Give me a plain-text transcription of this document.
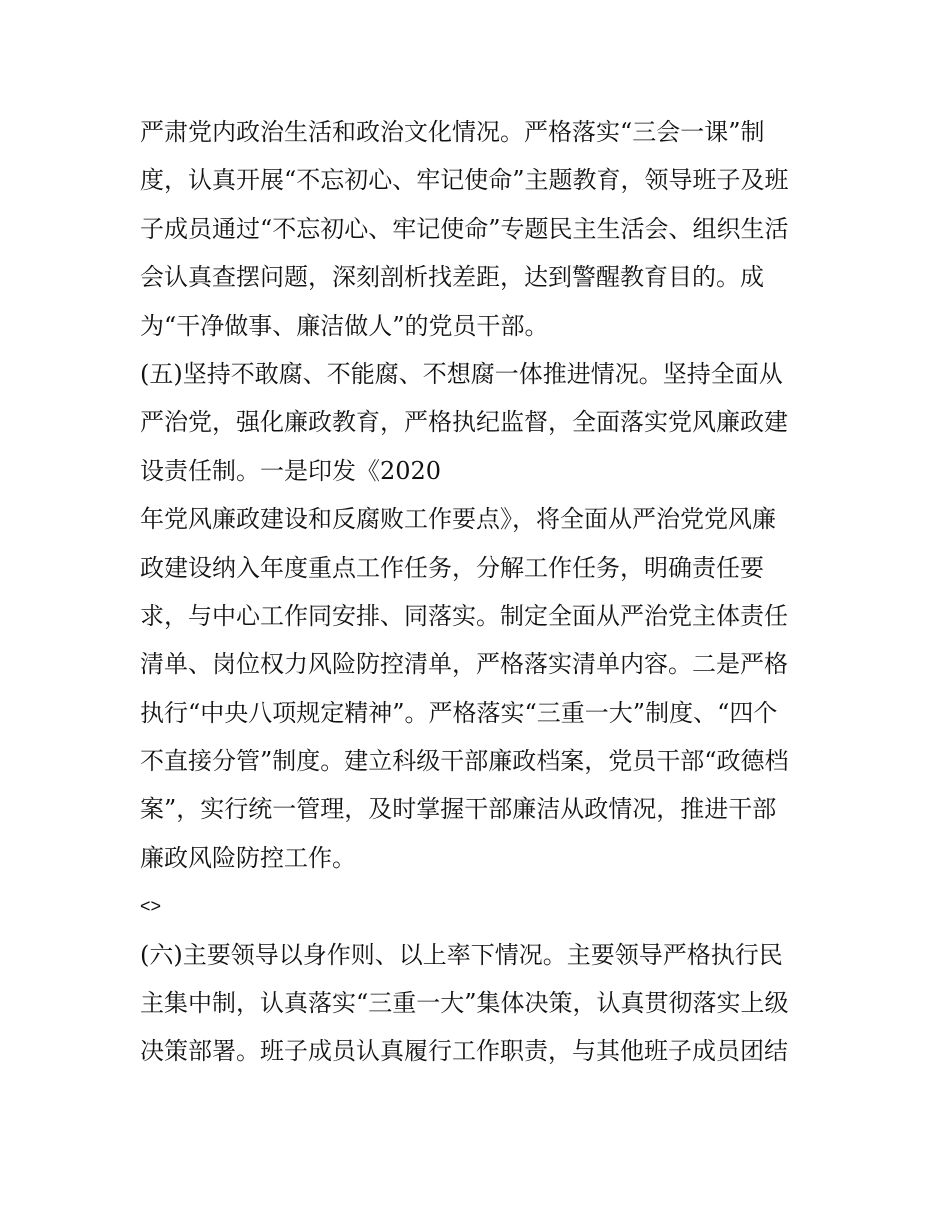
严肃党内政治生活和政治文化情况。严格落实“三会一课”制
度，认真开展“不忘初心、牢记使命”主题教育，领导班子及班
子成员通过“不忘初心、牢记使命”专题民主生活会、组织生活
会认真查摆问题，深刻剖析找差距，达到警醒教育目的。成
为“干净做事、廉洁做人”的党员干部。
(五)坚持不敢腐、不能腐、不想腐一体推进情况。坚持全面从
严治党，强化廉政教育，严格执纪监督，全面落实党风廉政建
设责任制。一是印发《2020
年党风廉政建设和反腐败工作要点》，将全面从严治党党风廉
政建设纳入年度重点工作任务，分解工作任务，明确责任要
求，与中心工作同安排、同落实。制定全面从严治党主体责任
清单、岗位权力风险防控清单，严格落实清单内容。二是严格
执行“中央八项规定精神”。严格落实“三重一大”制度、“四个
不直接分管”制度。建立科级干部廉政档案，党员干部“政德档
案”，实行统一管理，及时掌握干部廉洁从政情况，推进干部
廉政风险防控工作。
<>
(六)主要领导以身作则、以上率下情况。主要领导严格执行民
主集中制，认真落实“三重一大”集体决策，认真贯彻落实上级
决策部署。班子成员认真履行工作职责，与其他班子成员团结
